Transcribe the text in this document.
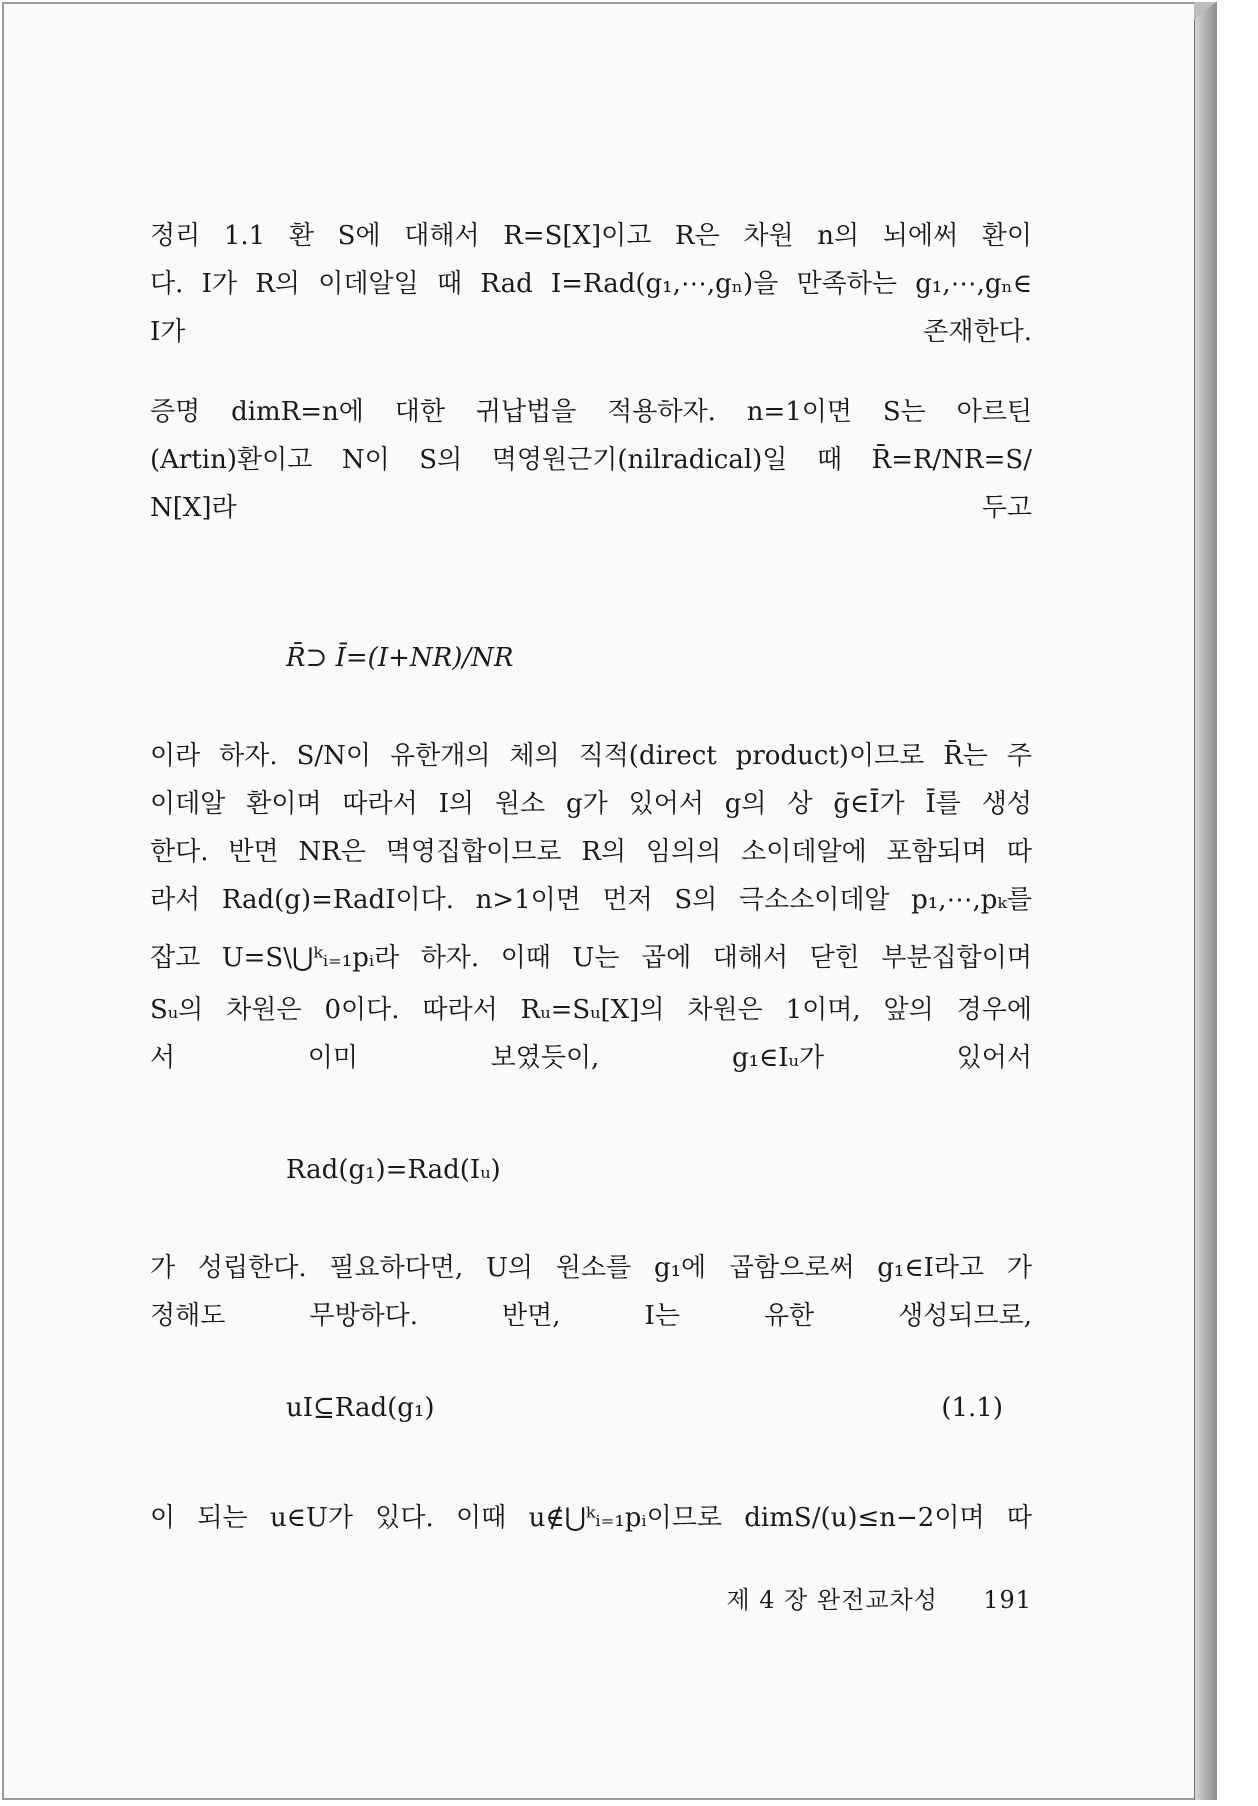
정리 1.1 환 S에 대해서 R=S[X]이고 R은 차원 n의 뇌에써 환이
다. I가 R의 이데알일 때 Rad I=Rad(g₁,⋯,gₙ)을 만족하는 g₁,⋯,gₙ∈
I가 존재한다.
증명 dimR=n에 대한 귀납법을 적용하자. n=1이면 S는 아르틴
(Artin)환이고 N이 S의 멱영원근기(nilradical)일 때 R̄=R/NR=S/
N[X]라 두고
R̄⊃ Ī=(I+NR)/NR
이라 하자. S/N이 유한개의 체의 직적(direct product)이므로 R̄는 주
이데알 환이며 따라서 I의 원소 g가 있어서 g의 상 ḡ∈Ī가 Ī를 생성
한다. 반면 NR은 멱영집합이므로 R의 임의의 소이데알에 포함되며 따
라서 Rad(g)=RadI이다. n>1이면 먼저 S의 극소소이데알 p₁,⋯,pₖ를
잡고 U=S\⋃ᵏᵢ₌₁pᵢ라 하자. 이때 U는 곱에 대해서 닫힌 부분집합이며
Sᵤ의 차원은 0이다. 따라서 Rᵤ=Sᵤ[X]의 차원은 1이며, 앞의 경우에
서 이미 보였듯이, g₁∈Iᵤ가 있어서
Rad(g₁)=Rad(Iᵤ)
가 성립한다. 필요하다면, U의 원소를 g₁에 곱함으로써 g₁∈I라고 가
정해도 무방하다. 반면, I는 유한 생성되므로,
uI⊆Rad(g₁)	(1.1)
이 되는 u∈U가 있다. 이때 u∉⋃ᵏᵢ₌₁pᵢ이므로 dimS/(u)≤n−2이며 따
제 4 장 완전교차성 191
